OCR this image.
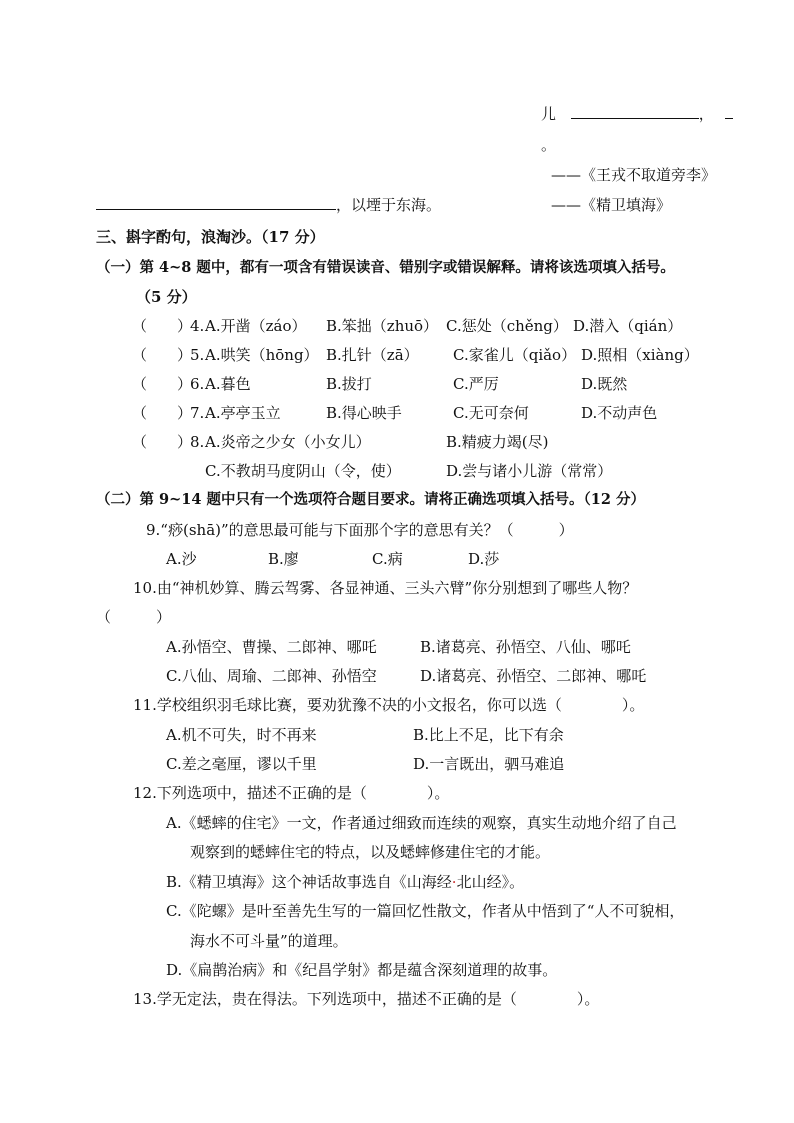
儿	，
。
——《王戎不取道旁李》
，以堙于东海。	——《精卫填海》
三、斟字酌句，浪淘沙。（17 分）
（一）第 4~8 题中，都有一项含有错误读音、错别字或错误解释。请将该选项填入括号。
（5 分）
（　　）
4. A.开凿（záo） B.笨拙（zhuō） C.惩处（chěng） D.潜入（qián）
（　　）
5. A.哄笑（hōng） B.扎针（zā） C.家雀儿（qiǎo） D.照相（xiàng）
（　　）
6. A.暮色	B.拔打	C.严厉	D.既然
（　　）
7. A.亭亭玉立	B.得心映手	C.无可奈何	D.不动声色
（　　）
8. A.炎帝之少女（小女儿）	B.精疲力竭(尽)
C.不教胡马度阴山（令，使）	D.尝与诸小儿游（常常）
（二）第 9~14 题中只有一个选项符合题目要求。请将正确选项填入括号。（12 分）
9.“痧(shā)”的意思最可能与下面那个字的意思有关？（　　　）
A.沙	B.廖	C.病	D.莎
10.由“神机妙算、腾云驾雾、各显神通、三头六臂”你分别想到了哪些人物？
（　　　）
A.孙悟空、曹操、二郎神、哪吒	B.诸葛亮、孙悟空、八仙、哪吒
C.八仙、周瑜、二郎神、孙悟空	D.诸葛亮、孙悟空、二郎神、哪吒
11.学校组织羽毛球比赛，要劝犹豫不决的小文报名，你可以选（　　　　）。
A.机不可失，时不再来	B.比上不足，比下有余
C.差之毫厘，谬以千里	D.一言既出，驷马难追
12.下列选项中，描述不正确的是（　　　　）。
A.《蟋蟀的住宅》一文，作者通过细致而连续的观察，真实生动地介绍了自己
观察到的蟋蟀住宅的特点，以及蟋蟀修建住宅的才能。
B.《精卫填海》这个神话故事选自《山海经·北山经》。
C.《陀螺》是叶至善先生写的一篇回忆性散文，作者从中悟到了“人不可貌相，
海水不可斗量”的道理。
D.《扁鹊治病》和《纪昌学射》都是蕴含深刻道理的故事。
13.学无定法，贵在得法。下列选项中，描述不正确的是（　　　　）。
